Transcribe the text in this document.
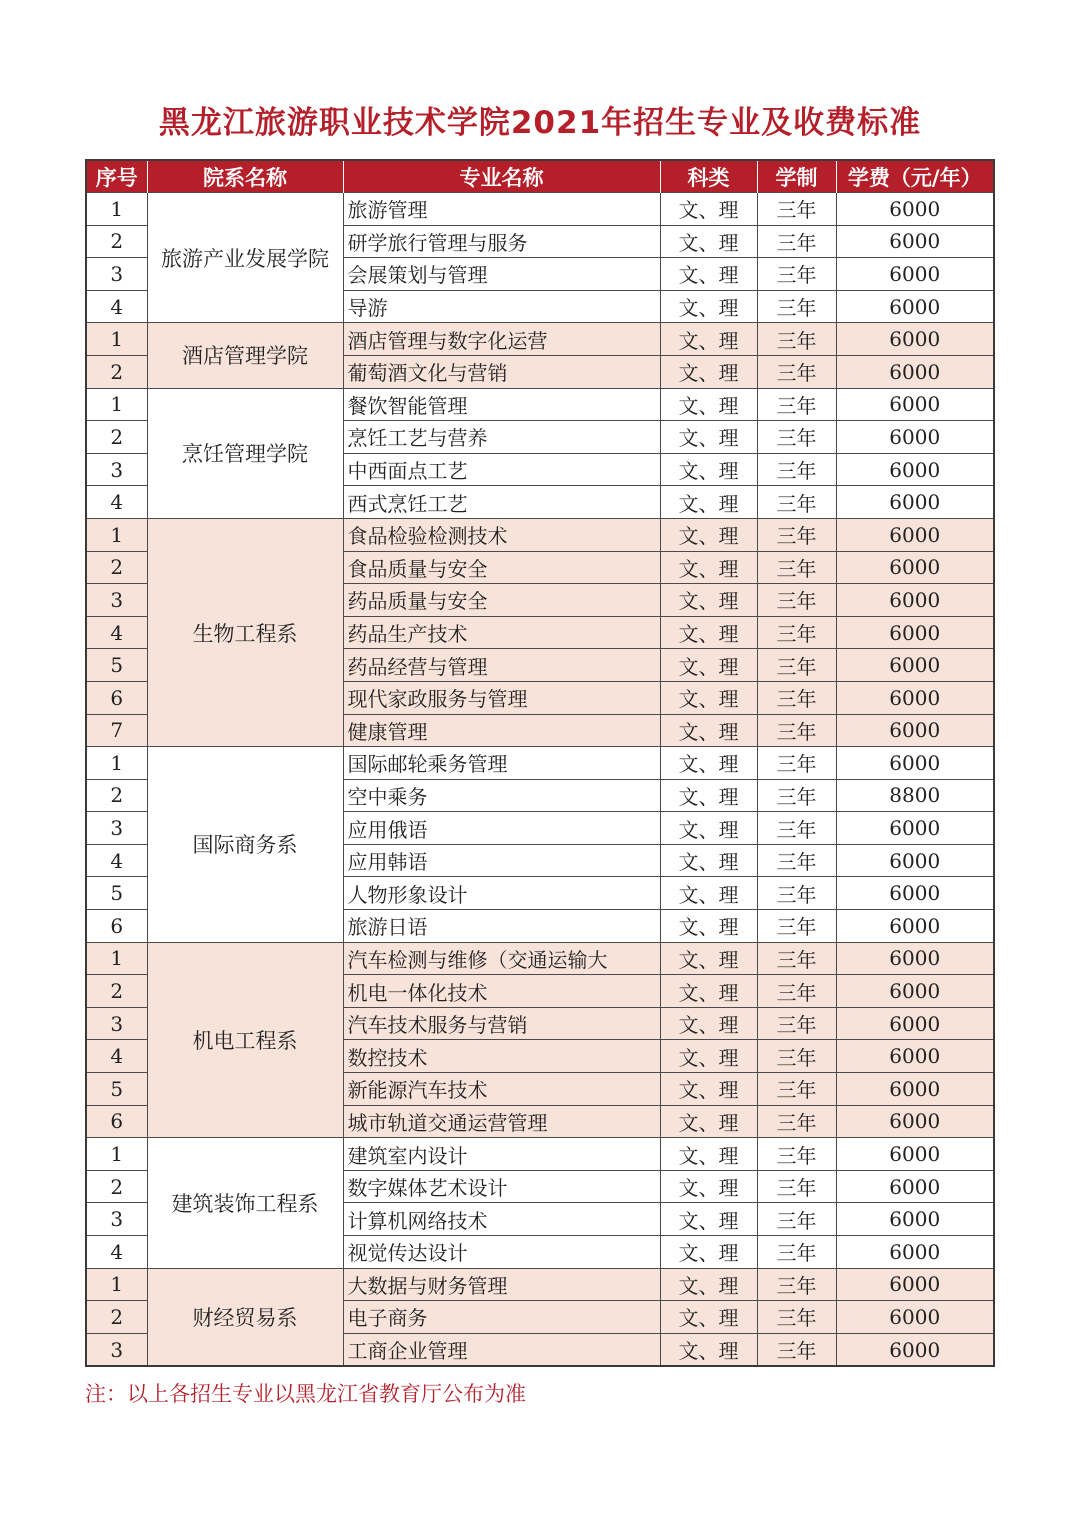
黑龙江旅游职业技术学院2021年招生专业及收费标准
序号	院系名称	专业名称	科类	学制	学费（元/年）
1	旅游产业发展学院	旅游管理	文、理	三年	6000
2		研学旅行管理与服务	文、理	三年	6000
3		会展策划与管理	文、理	三年	6000
4		导游	文、理	三年	6000
1	酒店管理学院	酒店管理与数字化运营	文、理	三年	6000
2		葡萄酒文化与营销	文、理	三年	6000
1	烹饪管理学院	餐饮智能管理	文、理	三年	6000
2		烹饪工艺与营养	文、理	三年	6000
3		中西面点工艺	文、理	三年	6000
4		西式烹饪工艺	文、理	三年	6000
1	生物工程系	食品检验检测技术	文、理	三年	6000
2		食品质量与安全	文、理	三年	6000
3		药品质量与安全	文、理	三年	6000
4		药品生产技术	文、理	三年	6000
5		药品经营与管理	文、理	三年	6000
6		现代家政服务与管理	文、理	三年	6000
7		健康管理	文、理	三年	6000
1	国际商务系	国际邮轮乘务管理	文、理	三年	6000
2		空中乘务	文、理	三年	8800
3		应用俄语	文、理	三年	6000
4		应用韩语	文、理	三年	6000
5		人物形象设计	文、理	三年	6000
6		旅游日语	文、理	三年	6000
1	机电工程系	汽车检测与维修（交通运输大	文、理	三年	6000
2		机电一体化技术	文、理	三年	6000
3		汽车技术服务与营销	文、理	三年	6000
4		数控技术	文、理	三年	6000
5		新能源汽车技术	文、理	三年	6000
6		城市轨道交通运营管理	文、理	三年	6000
1	建筑装饰工程系	建筑室内设计	文、理	三年	6000
2		数字媒体艺术设计	文、理	三年	6000
3		计算机网络技术	文、理	三年	6000
4		视觉传达设计	文、理	三年	6000
1	财经贸易系	大数据与财务管理	文、理	三年	6000
2		电子商务	文、理	三年	6000
3		工商企业管理	文、理	三年	6000

注：以上各招生专业以黑龙江省教育厅公布为准
